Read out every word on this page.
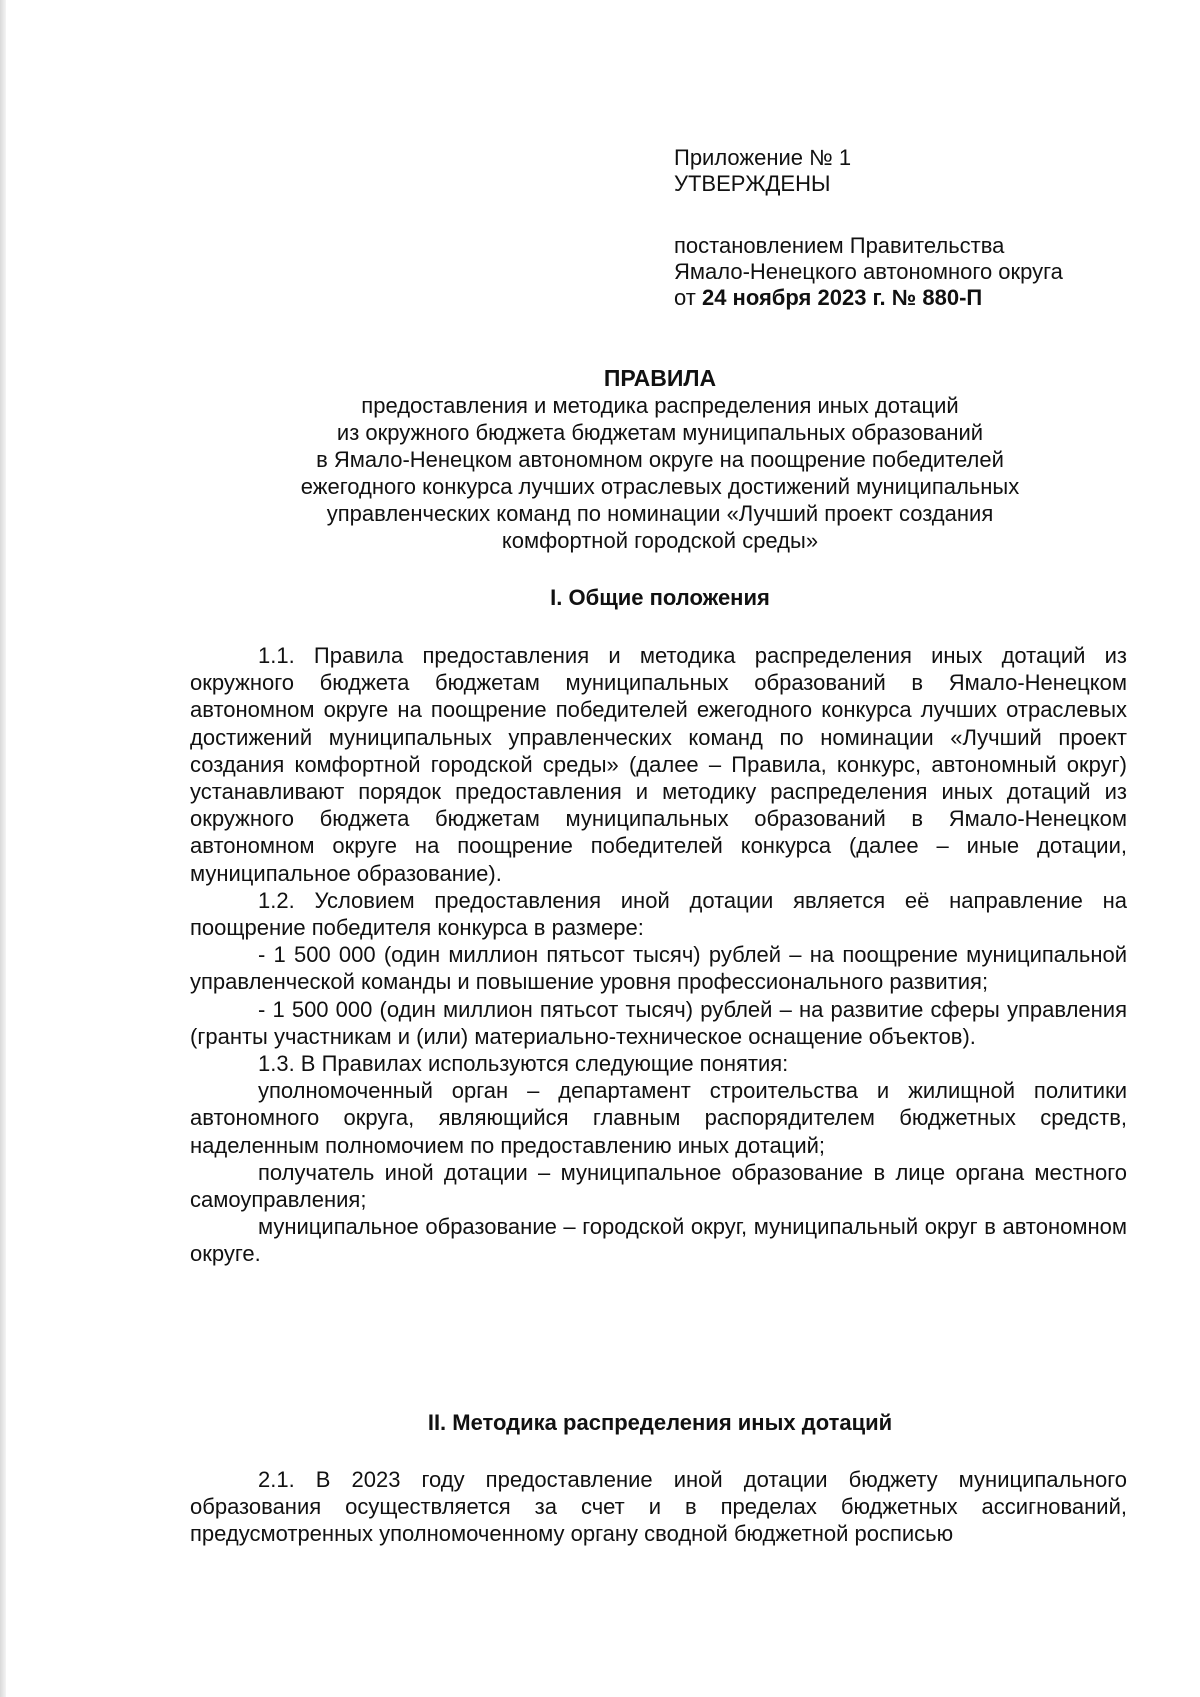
Приложение № 1
УТВЕРЖДЕНЫ
постановлением Правительства
Ямало-Ненецкого автономного округа
от 24 ноября 2023 г. № 880-П
ПРАВИЛА
предоставления и методика распределения иных дотаций
из окружного бюджета бюджетам муниципальных образований
в Ямало-Ненецком автономном округе на поощрение победителей
ежегодного конкурса лучших отраслевых достижений муниципальных
управленческих команд по номинации «Лучший проект создания
комфортной городской среды»
I. Общие положения

1.1. Правила предоставления и методика распределения иных дотаций из окружного бюджета бюджетам муниципальных образований в Ямало-Ненецком автономном округе на поощрение победителей ежегодного конкурса лучших отраслевых достижений муниципальных управленческих команд по номинации «Лучший проект создания комфортной городской среды» (далее – Правила, конкурс, автономный округ) устанавливают порядок предоставления и методику распределения иных дотаций из окружного бюджета бюджетам муниципальных образований в Ямало-Ненецком автономном округе на поощрение победителей конкурса (далее – иные дотации, муниципальное образование).

1.2. Условием предоставления иной дотации является её направление на поощрение победителя конкурса в размере:

- 1 500 000 (один миллион пятьсот тысяч) рублей – на поощрение муниципальной управленческой команды и повышение уровня профессионального развития;

- 1 500 000 (один миллион пятьсот тысяч) рублей – на развитие сферы управления (гранты участникам и (или) материально-техническое оснащение объектов).

1.3. В Правилах используются следующие понятия:

уполномоченный орган – департамент строительства и жилищной политики автономного округа, являющийся главным распорядителем бюджетных средств, наделенным полномочием по предоставлению иных дотаций;

получатель иной дотации – муниципальное образование в лице органа местного самоуправления;

муниципальное образование – городской округ, муниципальный округ в автономном округе.

II. Методика распределения иных дотаций

2.1. В 2023 году предоставление иной дотации бюджету муниципального образования осуществляется за счет и в пределах бюджетных ассигнований, предусмотренных уполномоченному органу сводной бюджетной росписью
